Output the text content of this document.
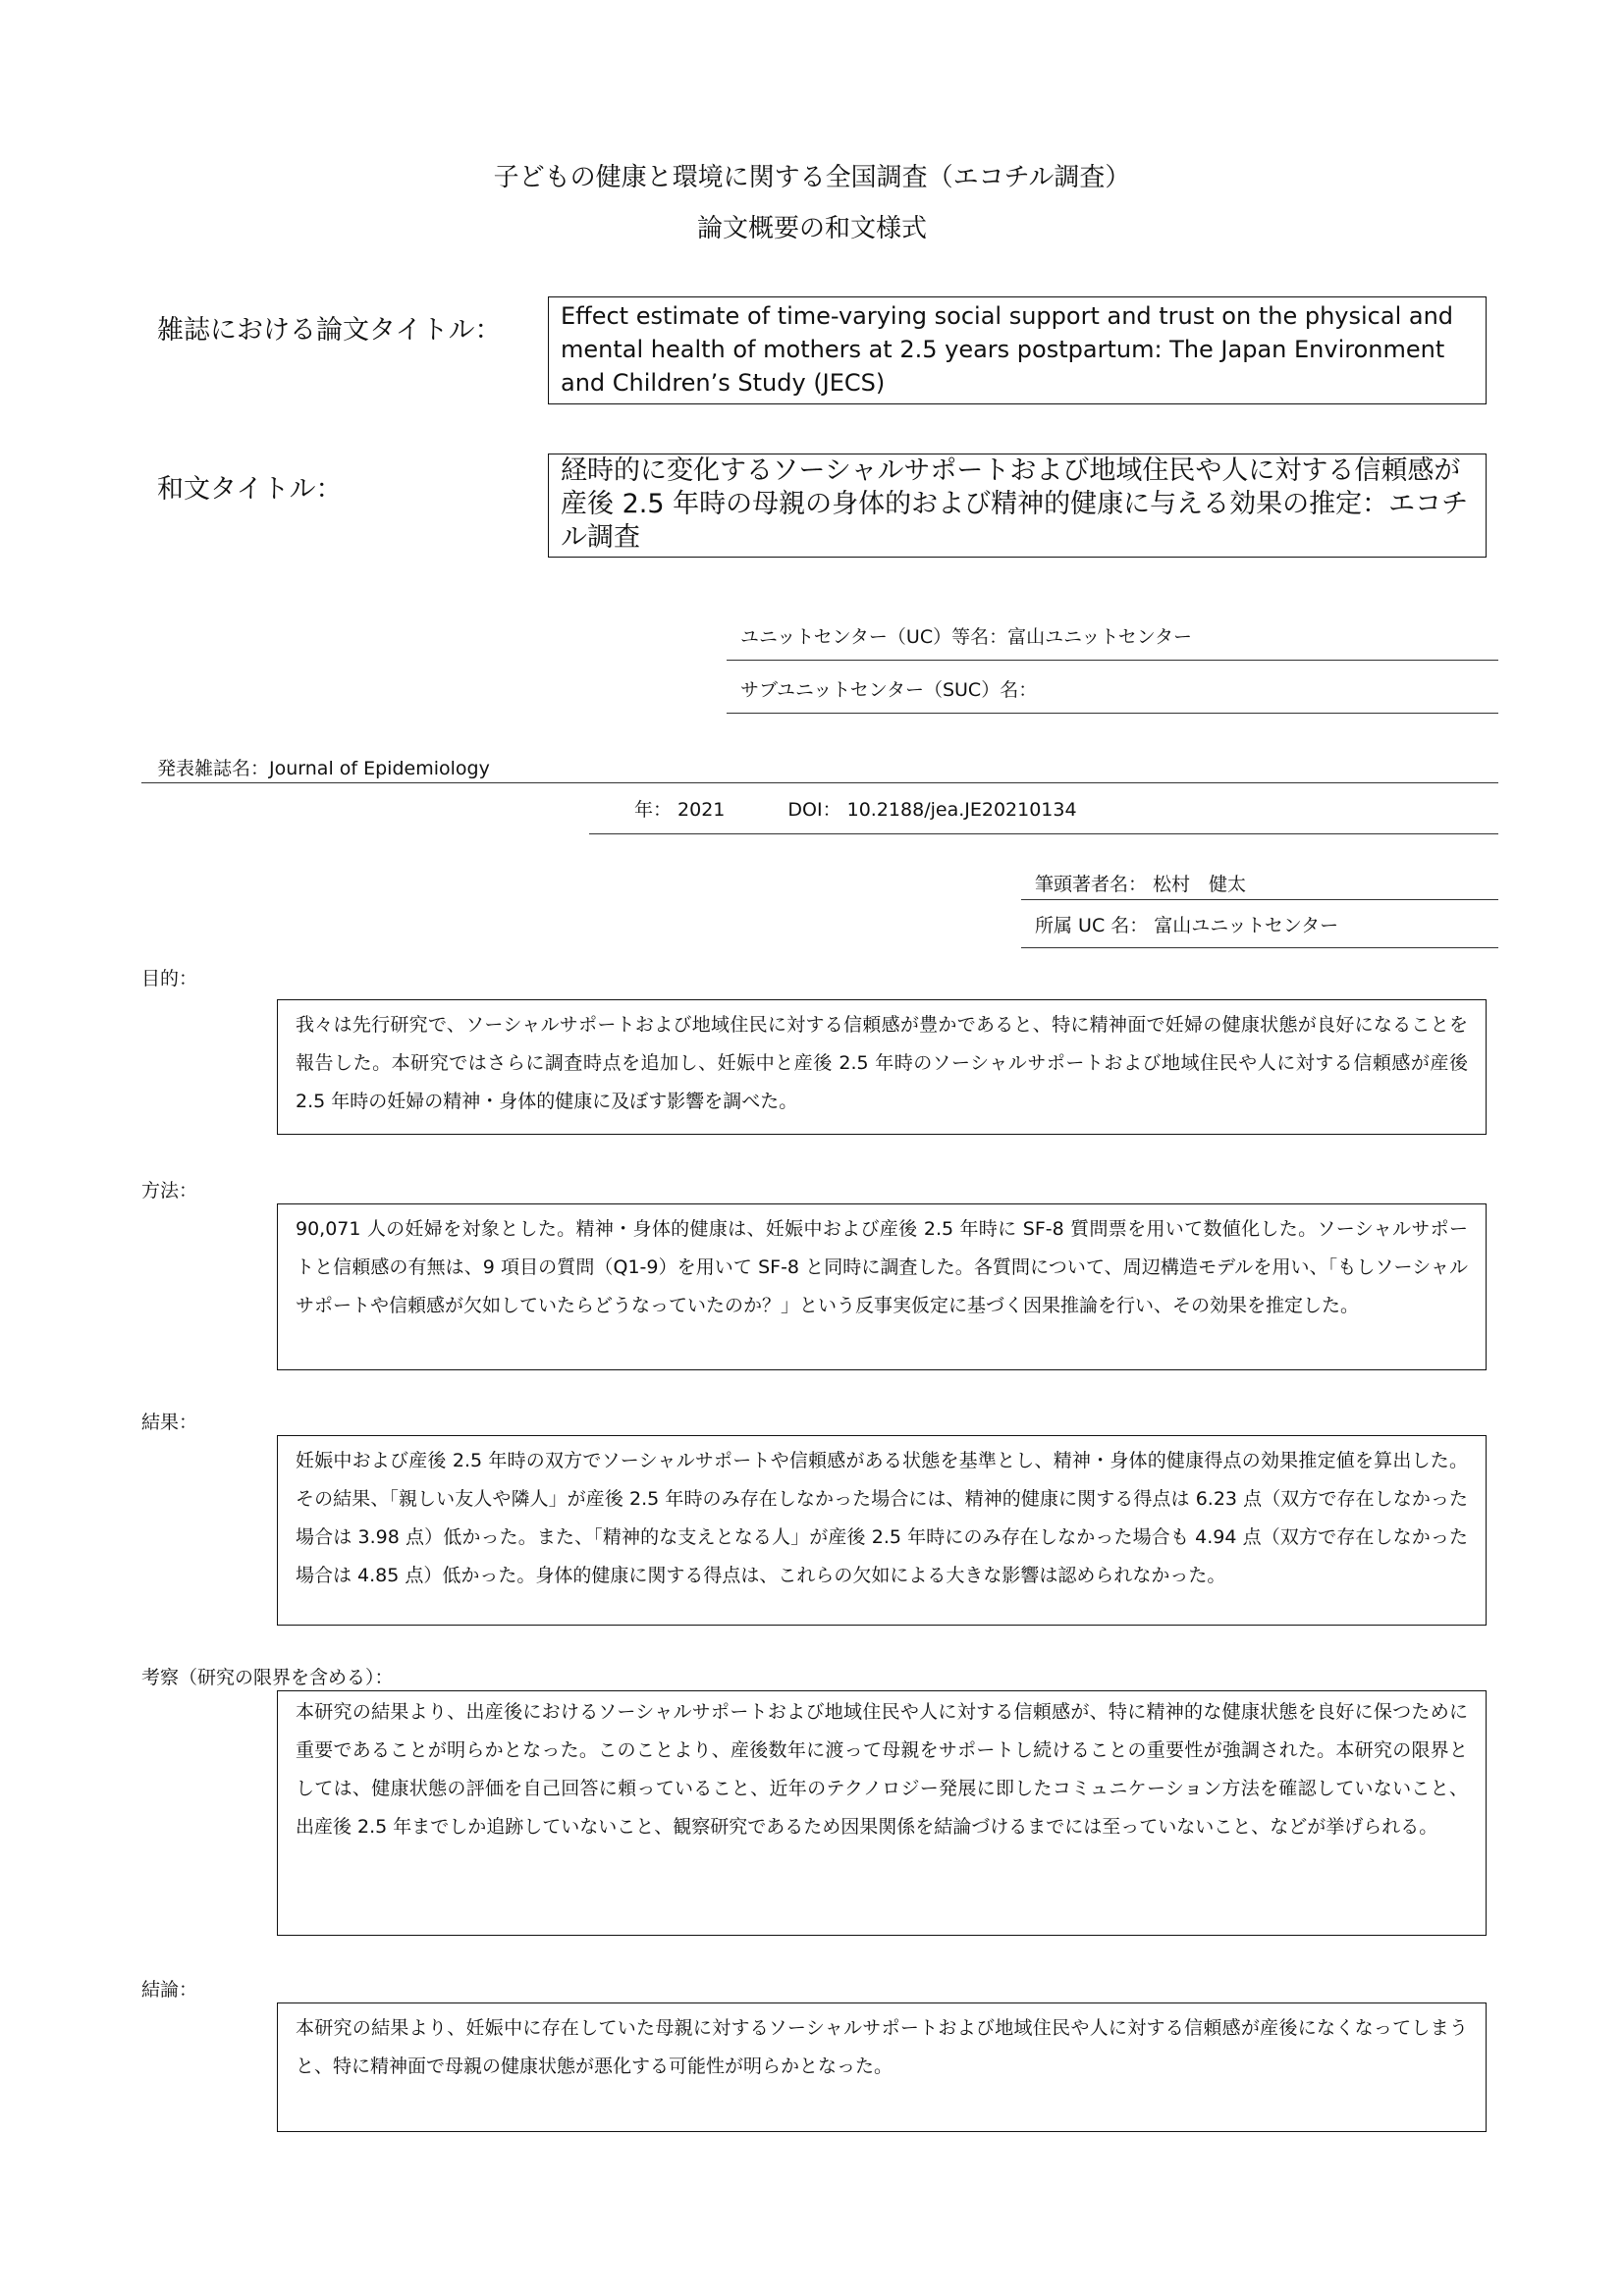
子どもの健康と環境に関する全国調査（エコチル調査）
論文概要の和文様式
雑誌における論文タイトル：	Effect estimate of time-varying social support and trust on the physical and mental health of mothers at 2.5 years postpartum: The Japan Environment and Children’s Study (JECS)
和文タイトル：
経時的に変化するソーシャルサポートおよび地域住民や人に対する信頼感が産後 2.5 年時の母親の身体的および精神的健康に与える効果の推定：エコチル調査
ユニットセンター（UC）等名：富山ユニットセンター
サブユニットセンター（SUC）名：
発表雑誌名：Journal of Epidemiology
年： 2021	DOI： 10.2188/jea.JE20210134
筆頭著者名： 松村　健太
所属 UC 名： 富山ユニットセンター
目的：
我々は先行研究で、ソーシャルサポートおよび地域住民に対する信頼感が豊かであると、特に精神面で妊婦の健康状態が良好になることを報告した。本研究ではさらに調査時点を追加し、妊娠中と産後 2.5 年時のソーシャルサポートおよび地域住民や人に対する信頼感が産後 2.5 年時の妊婦の精神・身体的健康に及ぼす影響を調べた。
方法：
90,071 人の妊婦を対象とした。精神・身体的健康は、妊娠中および産後 2.5 年時に SF-8 質問票を用いて数値化した。ソーシャルサポートと信頼感の有無は、9 項目の質問（Q1-9）を用いて SF-8 と同時に調査した。各質問について、周辺構造モデルを用い、「もしソーシャルサポートや信頼感が欠如していたらどうなっていたのか？」という反事実仮定に基づく因果推論を行い、その効果を推定した。
結果：
妊娠中および産後 2.5 年時の双方でソーシャルサポートや信頼感がある状態を基準とし、精神・身体的健康得点の効果推定値を算出した。その結果、「親しい友人や隣人」が産後 2.5 年時のみ存在しなかった場合には、精神的健康に関する得点は 6.23 点（双方で存在しなかった場合は 3.98 点）低かった。また、「精神的な支えとなる人」が産後 2.5 年時にのみ存在しなかった場合も 4.94 点（双方で存在しなかった場合は 4.85 点）低かった。身体的健康に関する得点は、これらの欠如による大きな影響は認められなかった。
考察（研究の限界を含める）：
本研究の結果より、出産後におけるソーシャルサポートおよび地域住民や人に対する信頼感が、特に精神的な健康状態を良好に保つために重要であることが明らかとなった。このことより、産後数年に渡って母親をサポートし続けることの重要性が強調された。本研究の限界としては、健康状態の評価を自己回答に頼っていること、近年のテクノロジー発展に即したコミュニケーション方法を確認していないこと、出産後 2.5 年までしか追跡していないこと、観察研究であるため因果関係を結論づけるまでには至っていないこと、などが挙げられる。
結論：
本研究の結果より、妊娠中に存在していた母親に対するソーシャルサポートおよび地域住民や人に対する信頼感が産後になくなってしまうと、特に精神面で母親の健康状態が悪化する可能性が明らかとなった。
